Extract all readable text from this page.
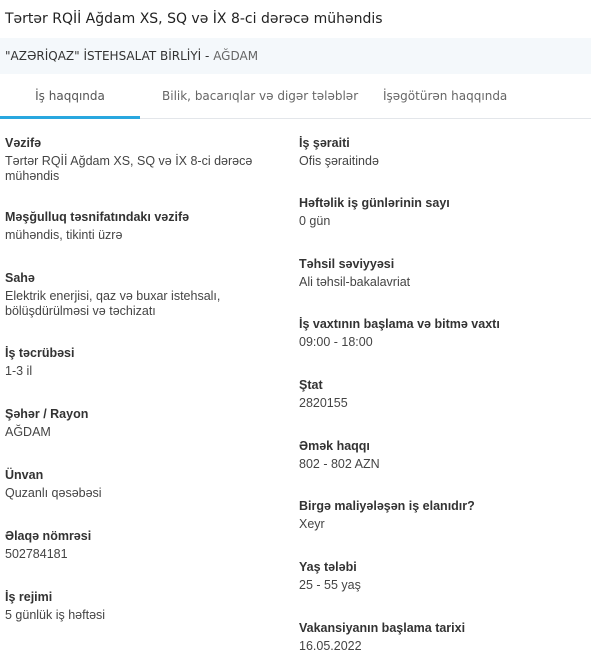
Tərtər RQİİ Ağdam XS, SQ və İX 8-ci dərəcə mühəndis
"AZƏRİQAZ" İSTEHSALAT BİRLİYİ - AĞDAM
İş haqqında	Bilik, bacarıqlar və digər tələblər İşəgötürən haqqında
Vəzifə
Tərtər RQİİ Ağdam XS, SQ və İX 8-ci dərəcə mühəndis
Məşğulluq təsnifatındakı vəzifə
mühəndis, tikinti üzrə
Sahə
Elektrik enerjisi, qaz və buxar istehsalı, bölüşdürülməsi və təchizatı
İş təcrübəsi
1-3 il
Şəhər / Rayon
AĞDAM
Ünvan
Quzanlı qəsəbəsi
Əlaqə nömrəsi
502784181
İş rejimi
5 günlük iş həftəsi
İş şəraiti
Ofis şəraitində
Həftəlik iş günlərinin sayı
0 gün
Təhsil səviyyəsi
Ali təhsil-bakalavriat
İş vaxtının başlama və bitmə vaxtı
09:00 - 18:00
Ştat
2820155
Əmək haqqı
802 - 802 AZN
Birgə maliyələşən iş elanıdır?
Xeyr
Yaş tələbi
25 - 55 yaş
Vakansiyanın başlama tarixi
16.05.2022
